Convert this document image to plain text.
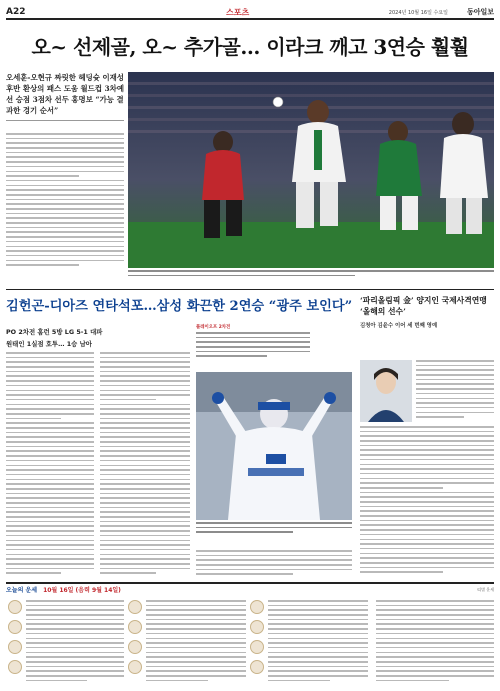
A22	스포츠	2024년 10월 16일 수요일	동아일보
오~ 선제골, 오~ 추가골… 이라크 깨고 3연승 훨훨
오세훈-오현규 짜릿한 헤딩슛 이재성 후반 환상의 패스 도움 월드컵 3차예선 승점 3점차 선두 홍명보 “가능 결과한 경기 순서”
김헌곤-디아즈 연타석포…삼성 화끈한 2연승 “광주 보인다”
PO 2차전 홈런 5방 LG 5-1 대파
원태인 1실점 호투… 1승 남아
플레이오프 2차전
‘파리올림픽 金’ 양지인 국제사격연맹 ‘올해의 선수’
김청아 김윤수 이어 세 번째 영예
오늘의 운세 10월 16일 (음력 9월 14일)	띠별 운세
